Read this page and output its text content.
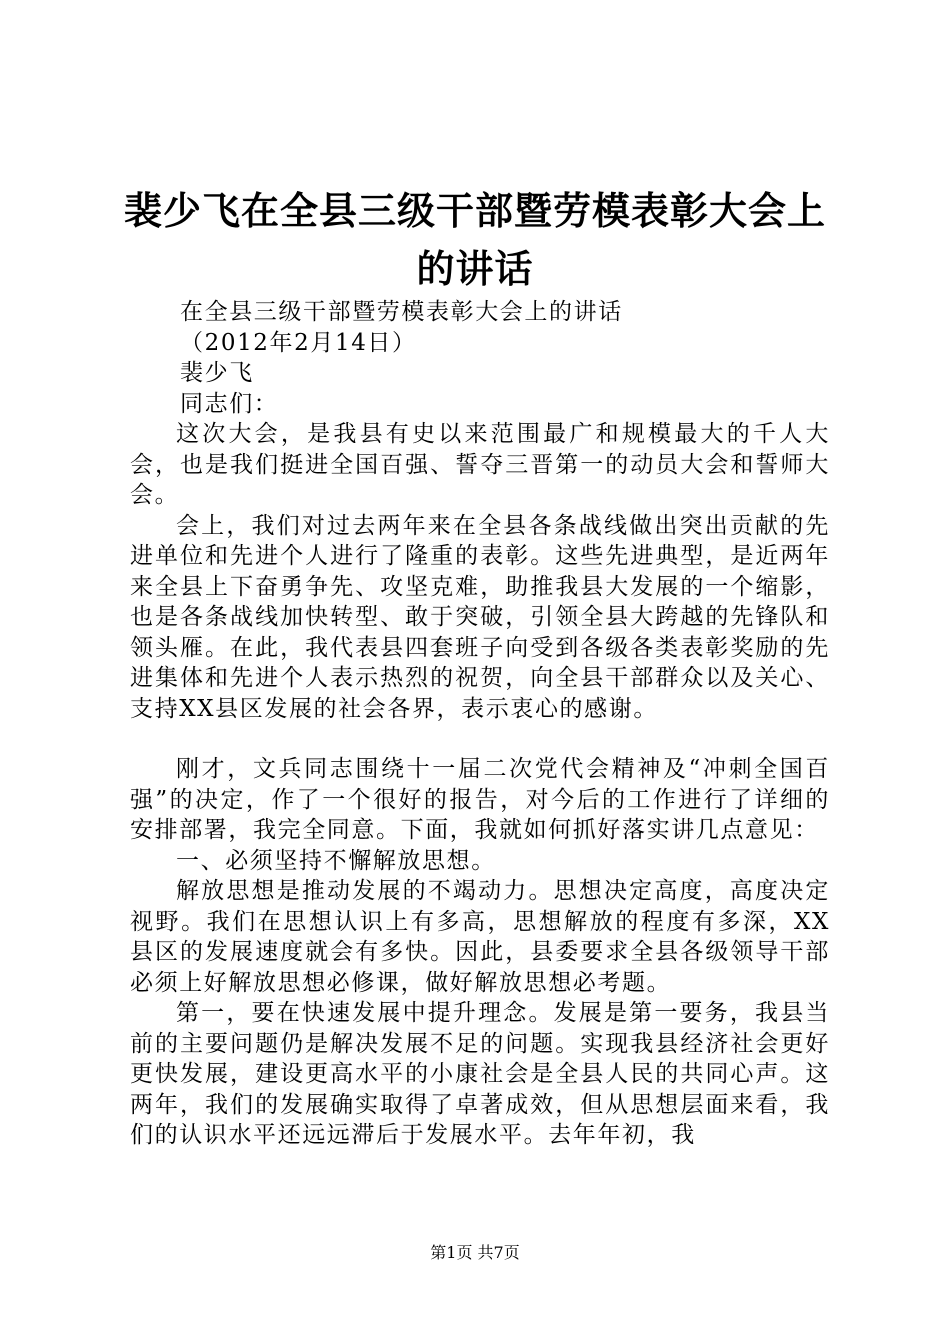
裴少飞在全县三级干部暨劳模表彰大会上的讲话

在全县三级干部暨劳模表彰大会上的讲话

（2012年2月14日）

裴少飞

同志们：

这次大会，是我县有史以来范围最广和规模最大的千人大会，也是我们挺进全国百强、誓夺三晋第一的动员大会和誓师大会。

会上，我们对过去两年来在全县各条战线做出突出贡献的先进单位和先进个人进行了隆重的表彰。这些先进典型，是近两年来全县上下奋勇争先、攻坚克难，助推我县大发展的一个缩影，也是各条战线加快转型、敢于突破，引领全县大跨越的先锋队和领头雁。在此，我代表县四套班子向受到各级各类表彰奖励的先进集体和先进个人表示热烈的祝贺，向全县干部群众以及关心、支持XX县区发展的社会各界，表示衷心的感谢。

刚才，文兵同志围绕十一届二次党代会精神及“冲刺全国百强”的决定，作了一个很好的报告，对今后的工作进行了详细的安排部署，我完全同意。下面，我就如何抓好落实讲几点意见：

一、必须坚持不懈解放思想。

解放思想是推动发展的不竭动力。思想决定高度，高度决定视野。我们在思想认识上有多高，思想解放的程度有多深，XX县区的发展速度就会有多快。因此，县委要求全县各级领导干部必须上好解放思想必修课，做好解放思想必考题。

第一，要在快速发展中提升理念。发展是第一要务，我县当前的主要问题仍是解决发展不足的问题。实现我县经济社会更好更快发展，建设更高水平的小康社会是全县人民的共同心声。这两年，我们的发展确实取得了卓著成效，但从思想层面来看，我们的认识水平还远远滞后于发展水平。去年年初，我

第1页 共7页
